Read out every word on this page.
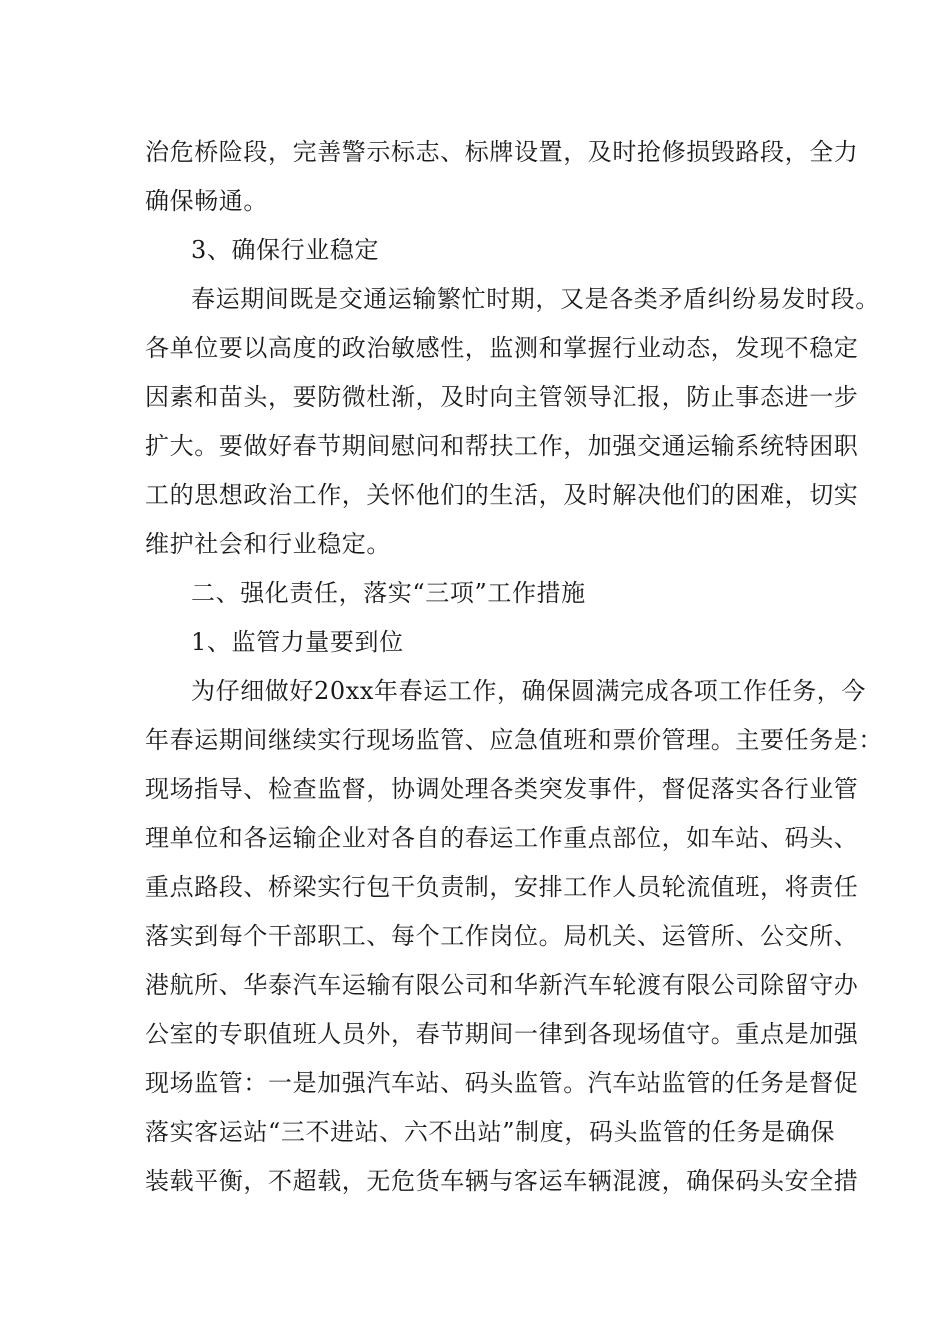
治危桥险段，完善警示标志、标牌设置，及时抢修损毁路段，全力
确保畅通。
3、确保行业稳定
春运期间既是交通运输繁忙时期，又是各类矛盾纠纷易发时段。
各单位要以高度的政治敏感性，监测和掌握行业动态，发现不稳定
因素和苗头，要防微杜渐，及时向主管领导汇报，防止事态进一步
扩大。要做好春节期间慰问和帮扶工作，加强交通运输系统特困职
工的思想政治工作，关怀他们的生活，及时解决他们的困难，切实
维护社会和行业稳定。
二、强化责任，落实“三项”工作措施
1、监管力量要到位
为仔细做好20xx年春运工作，确保圆满完成各项工作任务，今
年春运期间继续实行现场监管、应急值班和票价管理。主要任务是：
现场指导、检查监督，协调处理各类突发事件，督促落实各行业管
理单位和各运输企业对各自的春运工作重点部位，如车站、码头、
重点路段、桥梁实行包干负责制，安排工作人员轮流值班，将责任
落实到每个干部职工、每个工作岗位。局机关、运管所、公交所、
港航所、华泰汽车运输有限公司和华新汽车轮渡有限公司除留守办
公室的专职值班人员外，春节期间一律到各现场值守。重点是加强
现场监管：一是加强汽车站、码头监管。汽车站监管的任务是督促
落实客运站“三不进站、六不出站”制度，码头监管的任务是确保
装载平衡，不超载，无危货车辆与客运车辆混渡，确保码头安全措
